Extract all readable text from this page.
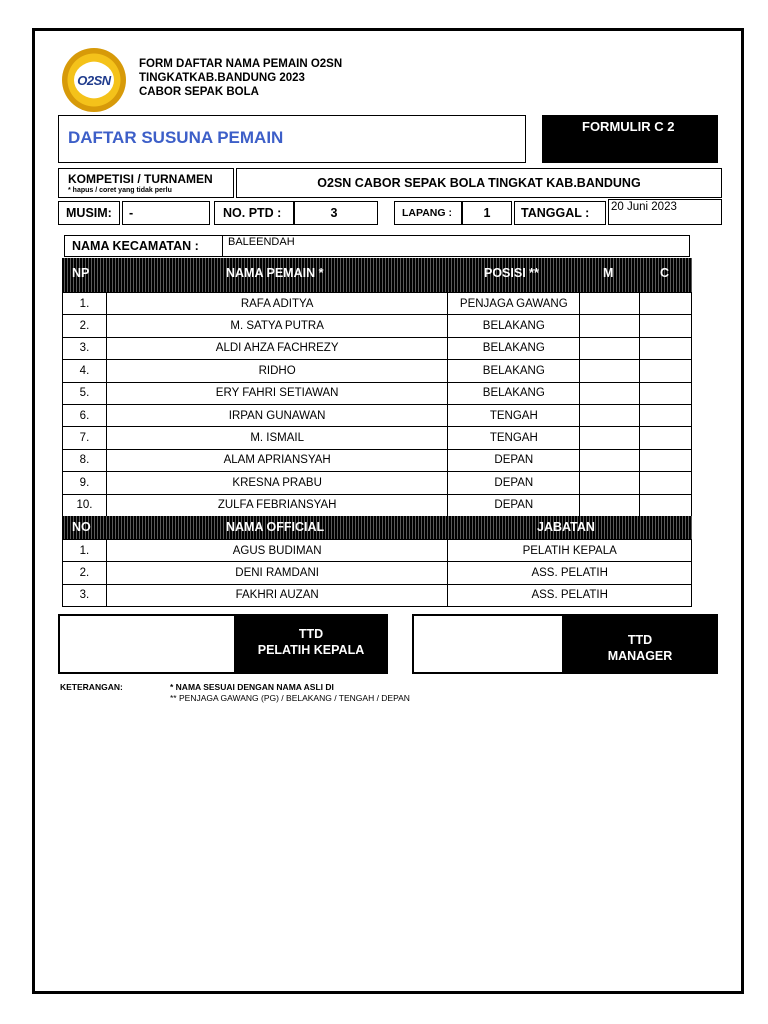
O2SN
FORM DAFTAR NAMA PEMAIN O2SN
TINGKATKAB.BANDUNG 2023
CABOR SEPAK BOLA
DAFTAR SUSUNA PEMAIN
FORMULIR C 2
KOMPETISI / TURNAMEN
* hapus / coret yang tidak perlu
O2SN CABOR SEPAK BOLA TINGKAT KAB.BANDUNG
MUSIM: -	NO. PTD :	3	LAPANG :	1	TANGGAL : 20 Juni 2023
NAMA KECAMATAN :	BALEENDAH
NP	NAMA PEMAIN *	POSISI **	M	C
1.	RAFA ADITYA	PENJAGA GAWANG		
2.	M. SATYA PUTRA	BELAKANG		
3.	ALDI AHZA FACHREZY	BELAKANG		
4.	RIDHO	BELAKANG		
5.	ERY FAHRI SETIAWAN	BELAKANG		
6.	IRPAN GUNAWAN	TENGAH		
7.	M. ISMAIL	TENGAH		
8.	ALAM APRIANSYAH	DEPAN		
9.	KRESNA PRABU	DEPAN		
10.	ZULFA FEBRIANSYAH	DEPAN		
NO	NAMA OFFICIAL	JABATAN
1.	AGUS BUDIMAN	PELATIH KEPALA
2.	DENI RAMDANI	ASS. PELATIH
3.	FAKHRI AUZAN	ASS. PELATIH
TTD
PELATIH KEPALA
TTD
MANAGER
KETERANGAN:	* NAMA SESUAI DENGAN NAMA ASLI DI
** PENJAGA GAWANG (PG) / BELAKANG / TENGAH / DEPAN
